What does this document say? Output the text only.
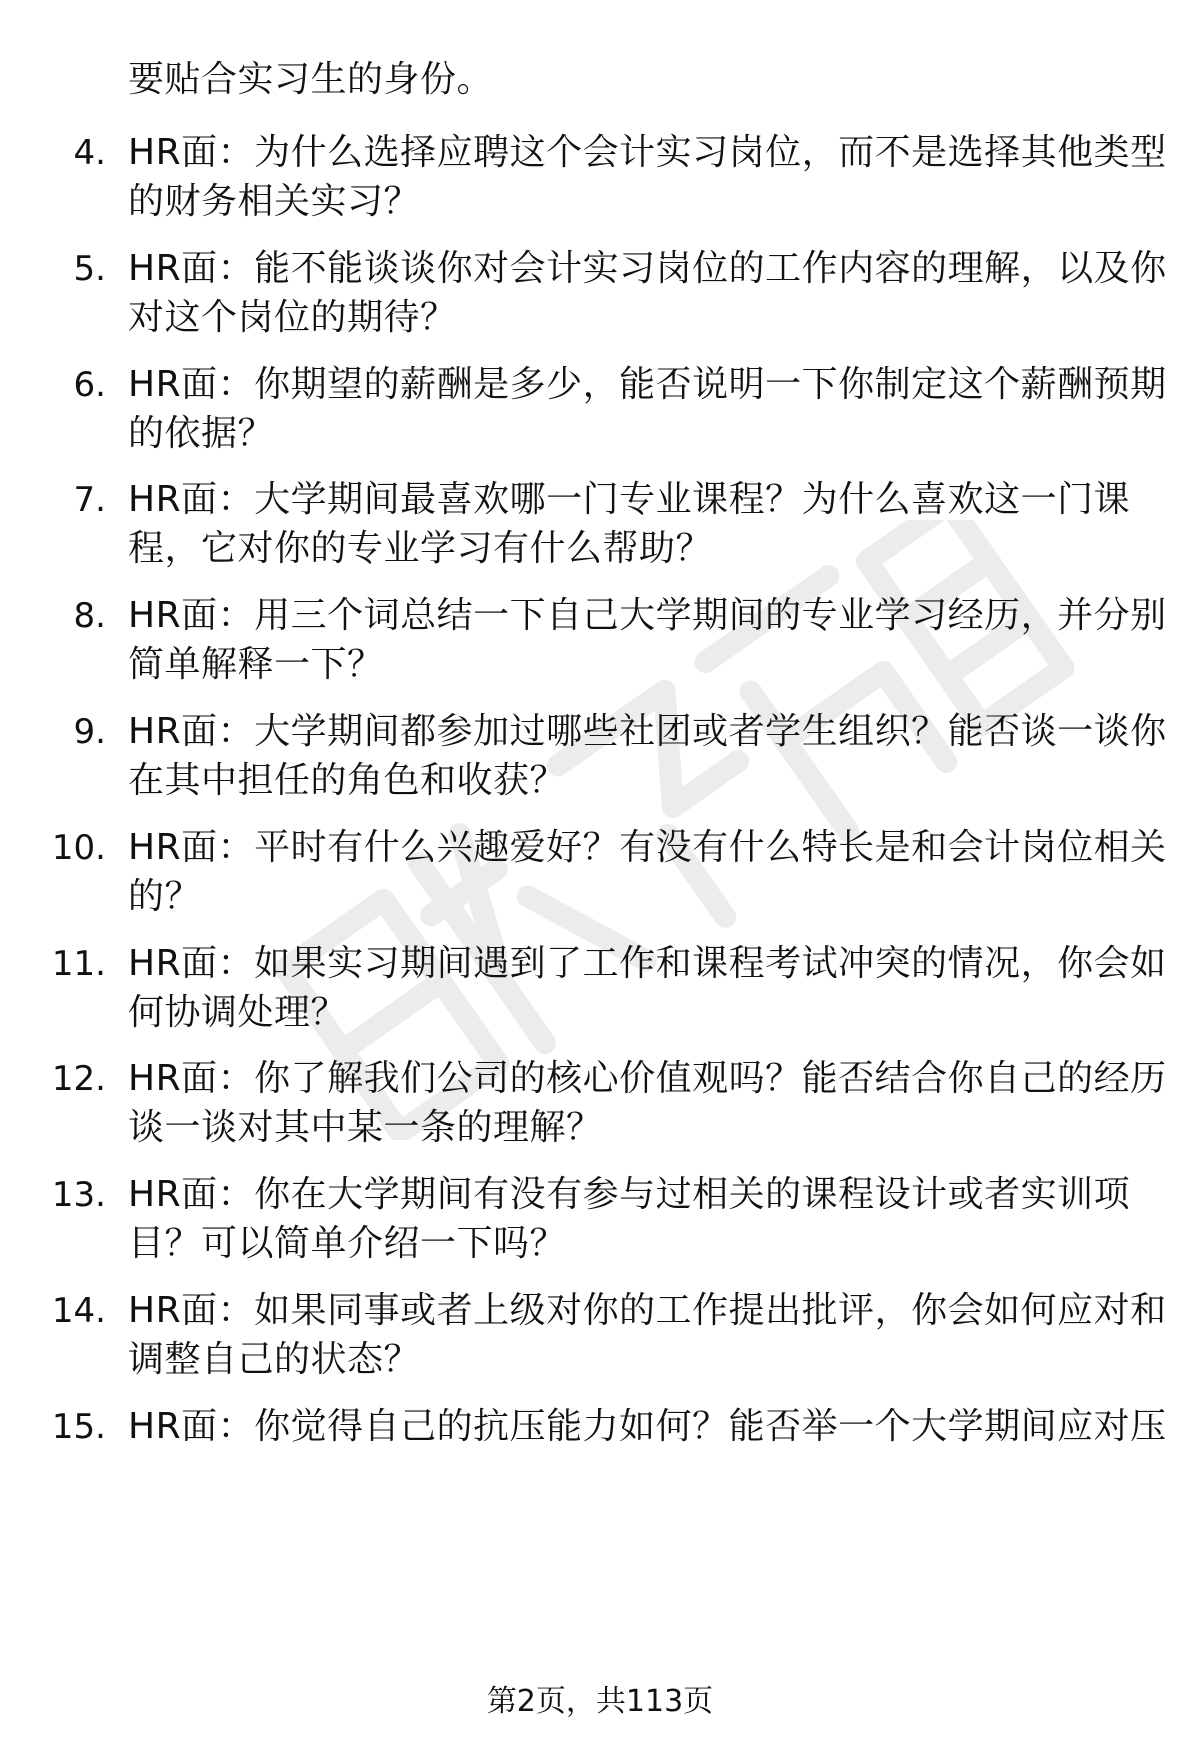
要贴合实习生的身份。
4. HR面：为什么选择应聘这个会计实习岗位，而不是选择其他类型
的财务相关实习？
5. HR面：能不能谈谈你对会计实习岗位的工作内容的理解，以及你
对这个岗位的期待？
6. HR面：你期望的薪酬是多少，能否说明一下你制定这个薪酬预期
的依据？
7. HR面：大学期间最喜欢哪一门专业课程？为什么喜欢这一门课
程，它对你的专业学习有什么帮助？
8. HR面：用三个词总结一下自己大学期间的专业学习经历，并分别
简单解释一下？
9. HR面：大学期间都参加过哪些社团或者学生组织？能否谈一谈你
在其中担任的角色和收获？
10. HR面：平时有什么兴趣爱好？有没有什么特长是和会计岗位相关
的？
11. HR面：如果实习期间遇到了工作和课程考试冲突的情况，你会如
何协调处理？
12. HR面：你了解我们公司的核心价值观吗？能否结合你自己的经历
谈一谈对其中某一条的理解？
13. HR面：你在大学期间有没有参与过相关的课程设计或者实训项
目？可以简单介绍一下吗？
14. HR面：如果同事或者上级对你的工作提出批评，你会如何应对和
调整自己的状态？
15. HR面：你觉得自己的抗压能力如何？能否举一个大学期间应对压
第2页，共113页
